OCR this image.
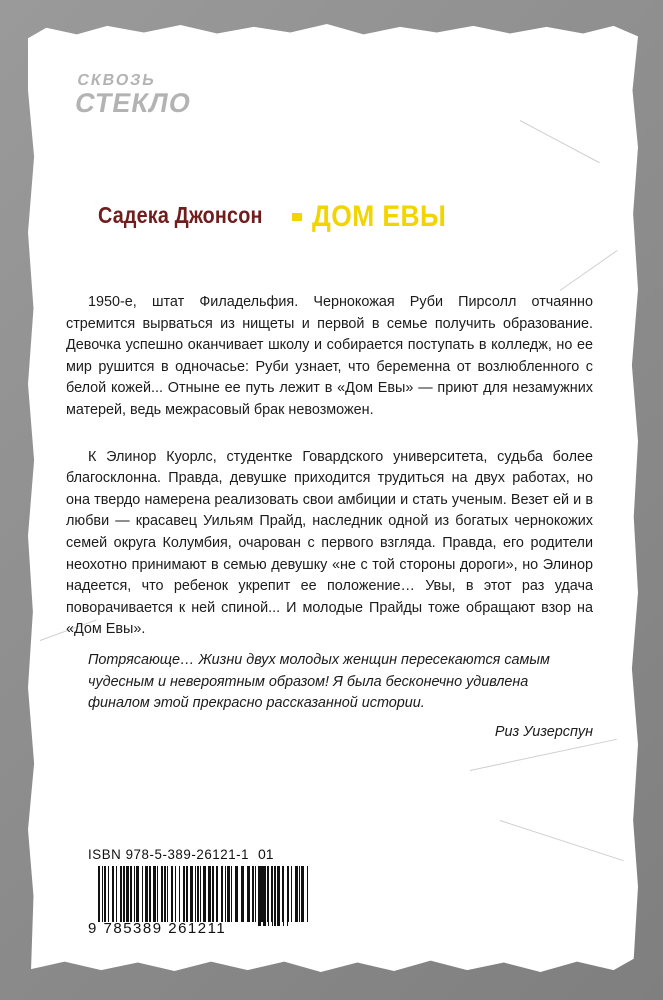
СКВОЗЬ
СТЕКЛО
Садека Джонсон ДОМ ЕВЫ

1950-е, штат Филадельфия. Чернокожая Руби Пирсолл отчаянно стремится вырваться из нищеты и первой в семье получить образование. Девочка успешно оканчивает школу и собирается поступать в колледж, но ее мир рушится в одночасье: Руби узнает, что беременна от возлюбленного с белой кожей... Отныне ее путь лежит в «Дом Евы» — приют для незамужних матерей, ведь межрасовый брак невозможен.

К Элинор Куорлс, студентке Говардского университета, судьба более благосклонна. Правда, девушке приходится трудиться на двух работах, но она твердо намерена реализовать свои амбиции и стать ученым. Везет ей и в любви — красавец Уильям Прайд, наследник одной из богатых чернокожих семей округа Колумбия, очарован с первого взгляда. Правда, его родители неохотно принимают в семью девушку «не с той стороны дороги», но Элинор надеется, что ребенок укрепит ее положение… Увы, в этот раз удача поворачивается к ней спиной... И молодые Прайды тоже обращают взор на «Дом Евы».

Потрясающе… Жизни двух молодых женщин пересекаются самым чудесным и невероятным образом! Я была бесконечно удивлена финалом этой прекрасно рассказанной истории.
Риз Уизерспун
ISBN 978-5-389-26121-1
9 785389 261211
01
